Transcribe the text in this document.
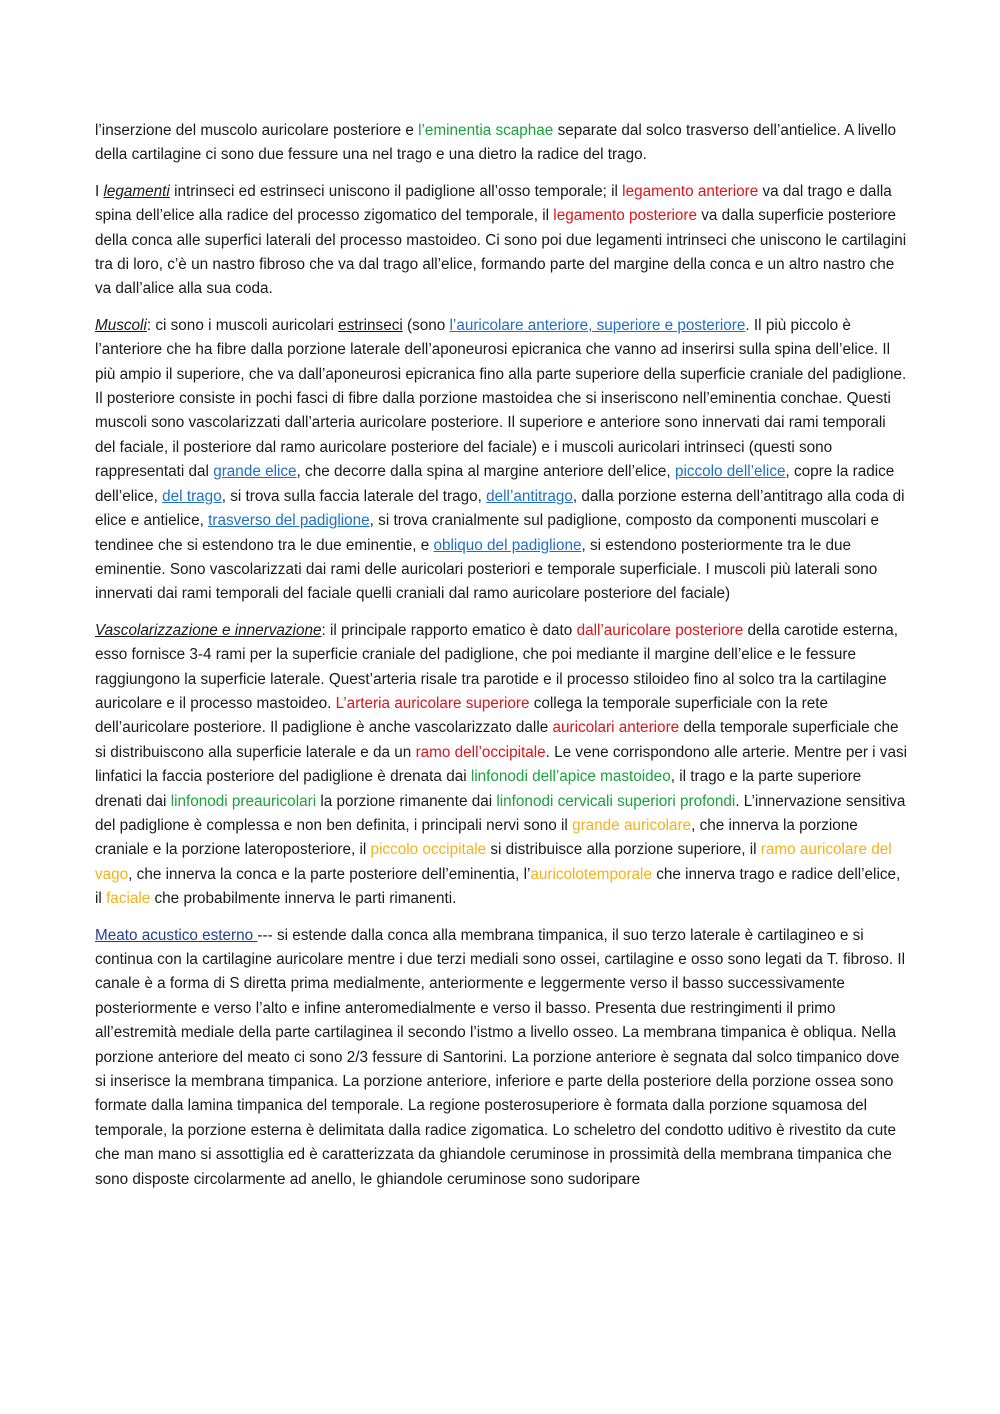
l’inserzione del muscolo auricolare posteriore e l’eminentia scaphae separate dal solco trasverso dell’antielice. A livello della cartilagine ci sono due fessure una nel trago e una dietro la radice del trago.

I legamenti intrinseci ed estrinseci uniscono il padiglione all’osso temporale; il legamento anteriore va dal trago e dalla spina dell’elice alla radice del processo zigomatico del temporale, il legamento posteriore va dalla superficie posteriore della conca alle superfici laterali del processo mastoideo. Ci sono poi due legamenti intrinseci che uniscono le cartilagini tra di loro, c’è un nastro fibroso che va dal trago all’elice, formando parte del margine della conca e un altro nastro che va dall’alice alla sua coda.

Muscoli: ci sono i muscoli auricolari estrinseci (sono l’auricolare anteriore, superiore e posteriore. Il più piccolo è l’anteriore che ha fibre dalla porzione laterale dell’aponeurosi epicranica che vanno ad inserirsi sulla spina dell’elice. Il più ampio il superiore, che va dall’aponeurosi epicranica fino alla parte superiore della superficie craniale del padiglione. Il posteriore consiste in pochi fasci di fibre dalla porzione mastoidea che si inseriscono nell’eminentia conchae. Questi muscoli sono vascolarizzati dall’arteria auricolare posteriore. Il superiore e anteriore sono innervati dai rami temporali del faciale, il posteriore dal ramo auricolare posteriore del faciale) e i muscoli auricolari intrinseci (questi sono rappresentati dal grande elice, che decorre dalla spina al margine anteriore dell’elice, piccolo dell’elice, copre la radice dell’elice, del trago, si trova sulla faccia laterale del trago, dell’antitrago, dalla porzione esterna dell’antitrago alla coda di elice e antielice, trasverso del padiglione, si trova cranialmente sul padiglione, composto da componenti muscolari e tendinee che si estendono tra le due eminentie, e obliquo del padiglione, si estendono posteriormente tra le due eminentie. Sono vascolarizzati dai rami delle auricolari posteriori e temporale superficiale. I muscoli più laterali sono innervati dai rami temporali del faciale quelli craniali dal ramo auricolare posteriore del faciale)

Vascolarizzazione e innervazione: il principale rapporto ematico è dato dall’auricolare posteriore della carotide esterna, esso fornisce 3-4 rami per la superficie craniale del padiglione, che poi mediante il margine dell’elice e le fessure raggiungono la superficie laterale. Quest’arteria risale tra parotide e il processo stiloideo fino al solco tra la cartilagine auricolare e il processo mastoideo. L’arteria auricolare superiore collega la temporale superficiale con la rete dell’auricolare posteriore. Il padiglione è anche vascolarizzato dalle auricolari anteriore della temporale superficiale che si distribuiscono alla superficie laterale e da un ramo dell’occipitale. Le vene corrispondono alle arterie. Mentre per i vasi linfatici la faccia posteriore del padiglione è drenata dai linfonodi dell’apice mastoideo, il trago e la parte superiore drenati dai linfonodi preauricolari la porzione rimanente dai linfonodi cervicali superiori profondi. L’innervazione sensitiva del padiglione è complessa e non ben definita, i principali nervi sono il grande auricolare, che innerva la porzione craniale e la porzione lateroposteriore, il piccolo occipitale si distribuisce alla porzione superiore, il ramo auricolare del vago, che innerva la conca e la parte posteriore dell’eminentia, l’auricolotemporale che innerva trago e radice dell’elice, il faciale che probabilmente innerva le parti rimanenti.

Meato acustico esterno --- si estende dalla conca alla membrana timpanica, il suo terzo laterale è cartilagineo e si continua con la cartilagine auricolare mentre i due terzi mediali sono ossei, cartilagine e osso sono legati da T. fibroso. Il canale è a forma di S diretta prima medialmente, anteriormente e leggermente verso il basso successivamente posteriormente e verso l’alto e infine anteromedialmente e verso il basso. Presenta due restringimenti il primo all’estremità mediale della parte cartilaginea il secondo l’istmo a livello osseo. La membrana timpanica è obliqua. Nella porzione anteriore del meato ci sono 2/3 fessure di Santorini. La porzione anteriore è segnata dal solco timpanico dove si inserisce la membrana timpanica. La porzione anteriore, inferiore e parte della posteriore della porzione ossea sono formate dalla lamina timpanica del temporale. La regione posterosuperiore è formata dalla porzione squamosa del temporale, la porzione esterna è delimitata dalla radice zigomatica. Lo scheletro del condotto uditivo è rivestito da cute che man mano si assottiglia ed è caratterizzata da ghiandole ceruminose in prossimità della membrana timpanica che sono disposte circolarmente ad anello, le ghiandole ceruminose sono sudoripare
